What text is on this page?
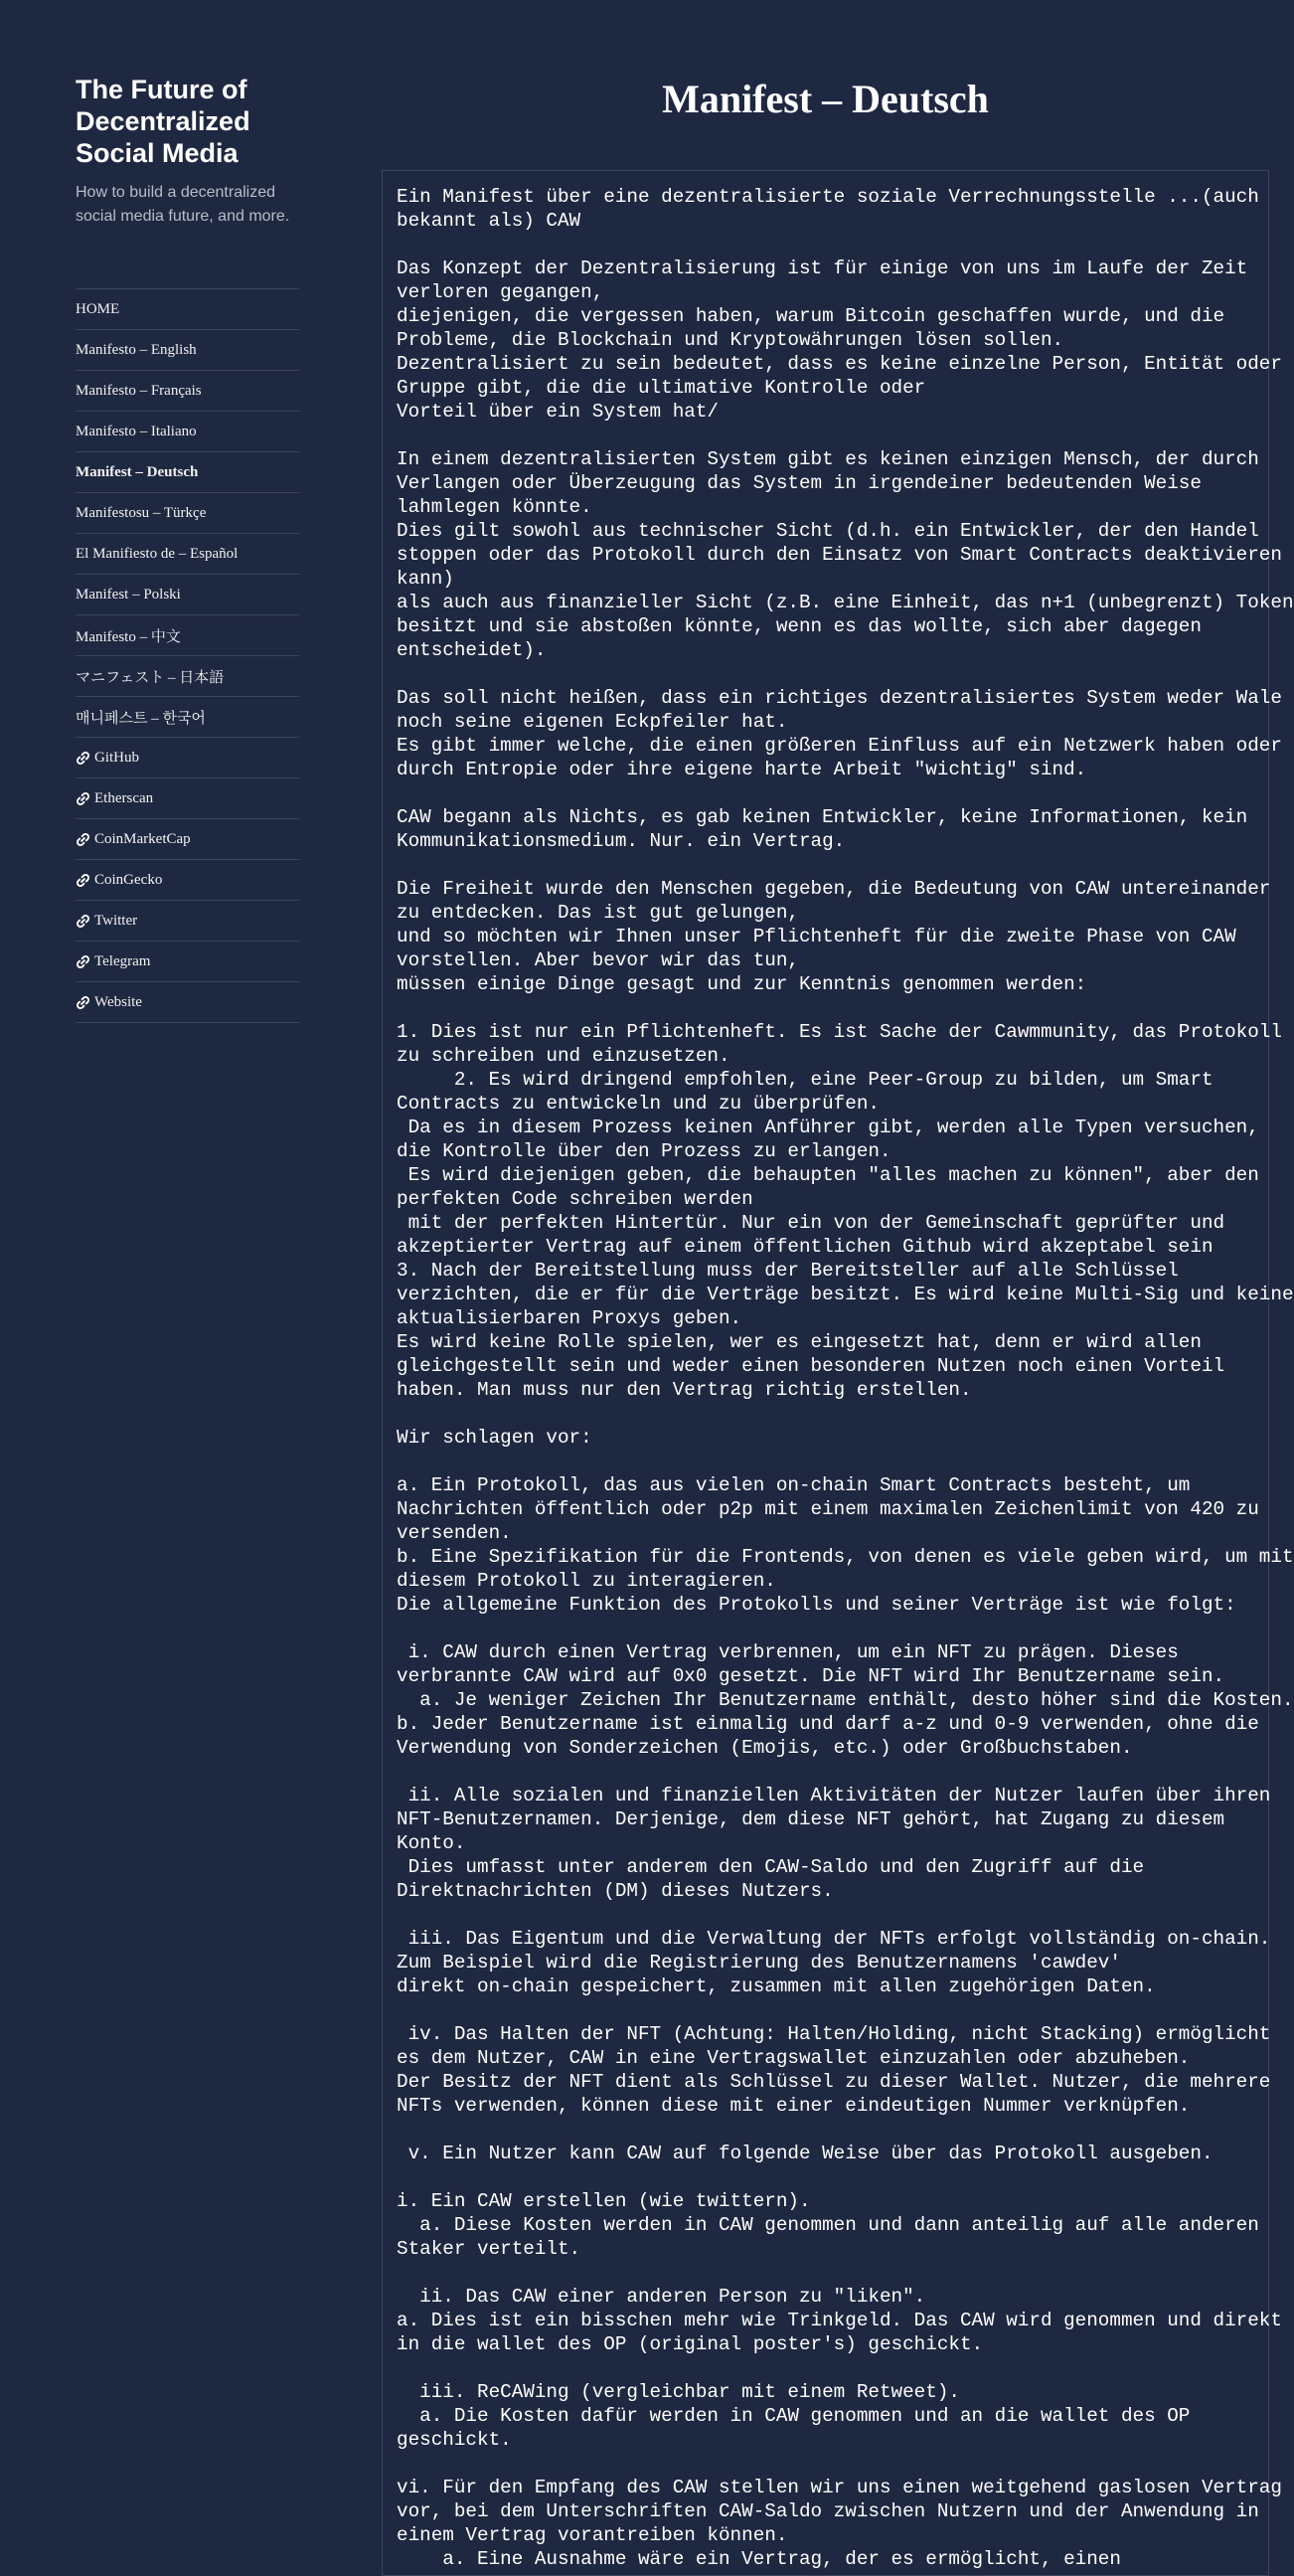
The Future of Decentralized Social Media
How to build a decentralized social media future, and more.
HOME
Manifesto – English
Manifesto – Français
Manifesto – Italiano
Manifest – Deutsch
Manifestosu – Türkçe
El Manifiesto de – Español
Manifest – Polski
Manifesto – 中文
マニフェスト – 日本語
매니페스트 – 한국어
GitHub
Etherscan
CoinMarketCap
CoinGecko
Twitter
Telegram
Website
Manifest – Deutsch
Ein Manifest über eine dezentralisierte soziale Verrechnungsstelle ...(auch
bekannt als) CAW

Das Konzept der Dezentralisierung ist für einige von uns im Laufe der Zeit
verloren gegangen,
diejenigen, die vergessen haben, warum Bitcoin geschaffen wurde, und die
Probleme, die Blockchain und Kryptowährungen lösen sollen.
Dezentralisiert zu sein bedeutet, dass es keine einzelne Person, Entität oder
Gruppe gibt, die die ultimative Kontrolle oder
Vorteil über ein System hat/

In einem dezentralisierten System gibt es keinen einzigen Mensch, der durch
Verlangen oder Überzeugung das System in irgendeiner bedeutenden Weise
lahmlegen könnte.
Dies gilt sowohl aus technischer Sicht (d.h. ein Entwickler, der den Handel
stoppen oder das Protokoll durch den Einsatz von Smart Contracts deaktivieren
kann)
als auch aus finanzieller Sicht (z.B. eine Einheit, das n+1 (unbegrenzt) Token
besitzt und sie abstoßen könnte, wenn es das wollte, sich aber dagegen
entscheidet).

Das soll nicht heißen, dass ein richtiges dezentralisiertes System weder Wale
noch seine eigenen Eckpfeiler hat.
Es gibt immer welche, die einen größeren Einfluss auf ein Netzwerk haben oder
durch Entropie oder ihre eigene harte Arbeit "wichtig" sind.

CAW begann als Nichts, es gab keinen Entwickler, keine Informationen, kein
Kommunikationsmedium. Nur. ein Vertrag.

Die Freiheit wurde den Menschen gegeben, die Bedeutung von CAW untereinander
zu entdecken. Das ist gut gelungen,
und so möchten wir Ihnen unser Pflichtenheft für die zweite Phase von CAW
vorstellen. Aber bevor wir das tun,
müssen einige Dinge gesagt und zur Kenntnis genommen werden:

1. Dies ist nur ein Pflichtenheft. Es ist Sache der Cawmmunity, das Protokoll
zu schreiben und einzusetzen.
2. Es wird dringend empfohlen, eine Peer-Group zu bilden, um Smart
Contracts zu entwickeln und zu überprüfen.
Da es in diesem Prozess keinen Anführer gibt, werden alle Typen versuchen,
die Kontrolle über den Prozess zu erlangen.
Es wird diejenigen geben, die behaupten "alles machen zu können", aber den
perfekten Code schreiben werden
mit der perfekten Hintertür. Nur ein von der Gemeinschaft geprüfter und
akzeptierter Vertrag auf einem öffentlichen Github wird akzeptabel sein
3. Nach der Bereitstellung muss der Bereitsteller auf alle Schlüssel
verzichten, die er für die Verträge besitzt. Es wird keine Multi-Sig und keine
aktualisierbaren Proxys geben.
Es wird keine Rolle spielen, wer es eingesetzt hat, denn er wird allen
gleichgestellt sein und weder einen besonderen Nutzen noch einen Vorteil
haben. Man muss nur den Vertrag richtig erstellen.

Wir schlagen vor:

a. Ein Protokoll, das aus vielen on-chain Smart Contracts besteht, um
Nachrichten öffentlich oder p2p mit einem maximalen Zeichenlimit von 420 zu
versenden.
b. Eine Spezifikation für die Frontends, von denen es viele geben wird, um mit
diesem Protokoll zu interagieren.
Die allgemeine Funktion des Protokolls und seiner Verträge ist wie folgt:

i. CAW durch einen Vertrag verbrennen, um ein NFT zu prägen. Dieses
verbrannte CAW wird auf 0x0 gesetzt. Die NFT wird Ihr Benutzername sein.
a. Je weniger Zeichen Ihr Benutzername enthält, desto höher sind die Kosten.
b. Jeder Benutzername ist einmalig und darf a-z und 0-9 verwenden, ohne die
Verwendung von Sonderzeichen (Emojis, etc.) oder Großbuchstaben.

ii. Alle sozialen und finanziellen Aktivitäten der Nutzer laufen über ihren
NFT-Benutzernamen. Derjenige, dem diese NFT gehört, hat Zugang zu diesem
Konto.
Dies umfasst unter anderem den CAW-Saldo und den Zugriff auf die
Direktnachrichten (DM) dieses Nutzers.

iii. Das Eigentum und die Verwaltung der NFTs erfolgt vollständig on-chain.
Zum Beispiel wird die Registrierung des Benutzernamens 'cawdev'
direkt on-chain gespeichert, zusammen mit allen zugehörigen Daten.

iv. Das Halten der NFT (Achtung: Halten/Holding, nicht Stacking) ermöglicht
es dem Nutzer, CAW in eine Vertragswallet einzuzahlen oder abzuheben.
Der Besitz der NFT dient als Schlüssel zu dieser Wallet. Nutzer, die mehrere
NFTs verwenden, können diese mit einer eindeutigen Nummer verknüpfen.

v. Ein Nutzer kann CAW auf folgende Weise über das Protokoll ausgeben.

i. Ein CAW erstellen (wie twittern).
a. Diese Kosten werden in CAW genommen und dann anteilig auf alle anderen
Staker verteilt.

ii. Das CAW einer anderen Person zu "liken".
a. Dies ist ein bisschen mehr wie Trinkgeld. Das CAW wird genommen und direkt
in die wallet des OP (original poster's) geschickt.

iii. ReCAWing (vergleichbar mit einem Retweet).
a. Die Kosten dafür werden in CAW genommen und an die wallet des OP
geschickt.

vi. Für den Empfang des CAW stellen wir uns einen weitgehend gaslosen Vertrag
vor, bei dem Unterschriften CAW-Saldo zwischen Nutzern und der Anwendung in
einem Vertrag vorantreiben können.
a. Eine Ausnahme wäre ein Vertrag, der es ermöglicht, einen
